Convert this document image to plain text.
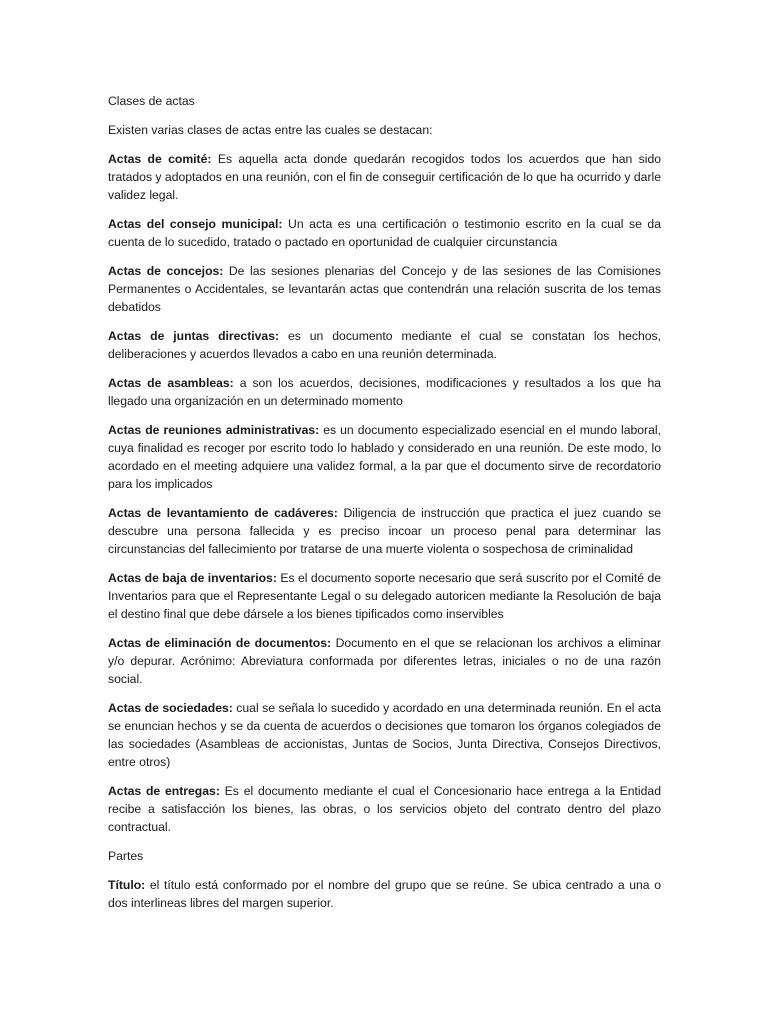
Clases de actas

Existen varias clases de actas entre las cuales se destacan:

Actas de comité: Es aquella acta donde quedarán recogidos todos los acuerdos que han sido tratados y adoptados en una reunión, con el fin de conseguir certificación de lo que ha ocurrido y darle validez legal.

Actas del consejo municipal: Un acta es una certificación o testimonio escrito en la cual se da cuenta de lo sucedido, tratado o pactado en oportunidad de cualquier circunstancia

Actas de concejos: De las sesiones plenarias del Concejo y de las sesiones de las Comisiones Permanentes o Accidentales, se levantarán actas que contendrán una relación suscrita de los temas debatidos

Actas de juntas directivas: es un documento mediante el cual se constatan los hechos, deliberaciones y acuerdos llevados a cabo en una reunión determinada.

Actas de asambleas: a son los acuerdos, decisiones, modificaciones y resultados a los que ha llegado una organización en un determinado momento

Actas de reuniones administrativas: es un documento especializado esencial en el mundo laboral, cuya finalidad es recoger por escrito todo lo hablado y considerado en una reunión. De este modo, lo acordado en el meeting adquiere una validez formal, a la par que el documento sirve de recordatorio para los implicados

Actas de levantamiento de cadáveres: Diligencia de instrucción que practica el juez cuando se descubre una persona fallecida y es preciso incoar un proceso penal para determinar las circunstancias del fallecimiento por tratarse de una muerte violenta o sospechosa de criminalidad

Actas de baja de inventarios: Es el documento soporte necesario que será suscrito por el Comité de Inventarios para que el Representante Legal o su delegado autoricen mediante la Resolución de baja el destino final que debe dársele a los bienes tipificados como inservibles

Actas de eliminación de documentos: Documento en el que se relacionan los archivos a eliminar y/o depurar. Acrónimo: Abreviatura conformada por diferentes letras, iniciales o no de una razón social.

Actas de sociedades: cual se señala lo sucedido y acordado en una determinada reunión. En el acta se enuncian hechos y se da cuenta de acuerdos o decisiones que tomaron los órganos colegiados de las sociedades (Asambleas de accionistas, Juntas de Socios, Junta Directiva, Consejos Directivos, entre otros)

Actas de entregas: Es el documento mediante el cual el Concesionario hace entrega a la Entidad recibe a satisfacción los bienes, las obras, o los servicios objeto del contrato dentro del plazo contractual.

Partes

Título: el título está conformado por el nombre del grupo que se reúne. Se ubica centrado a una o dos interlineas libres del margen superior.
